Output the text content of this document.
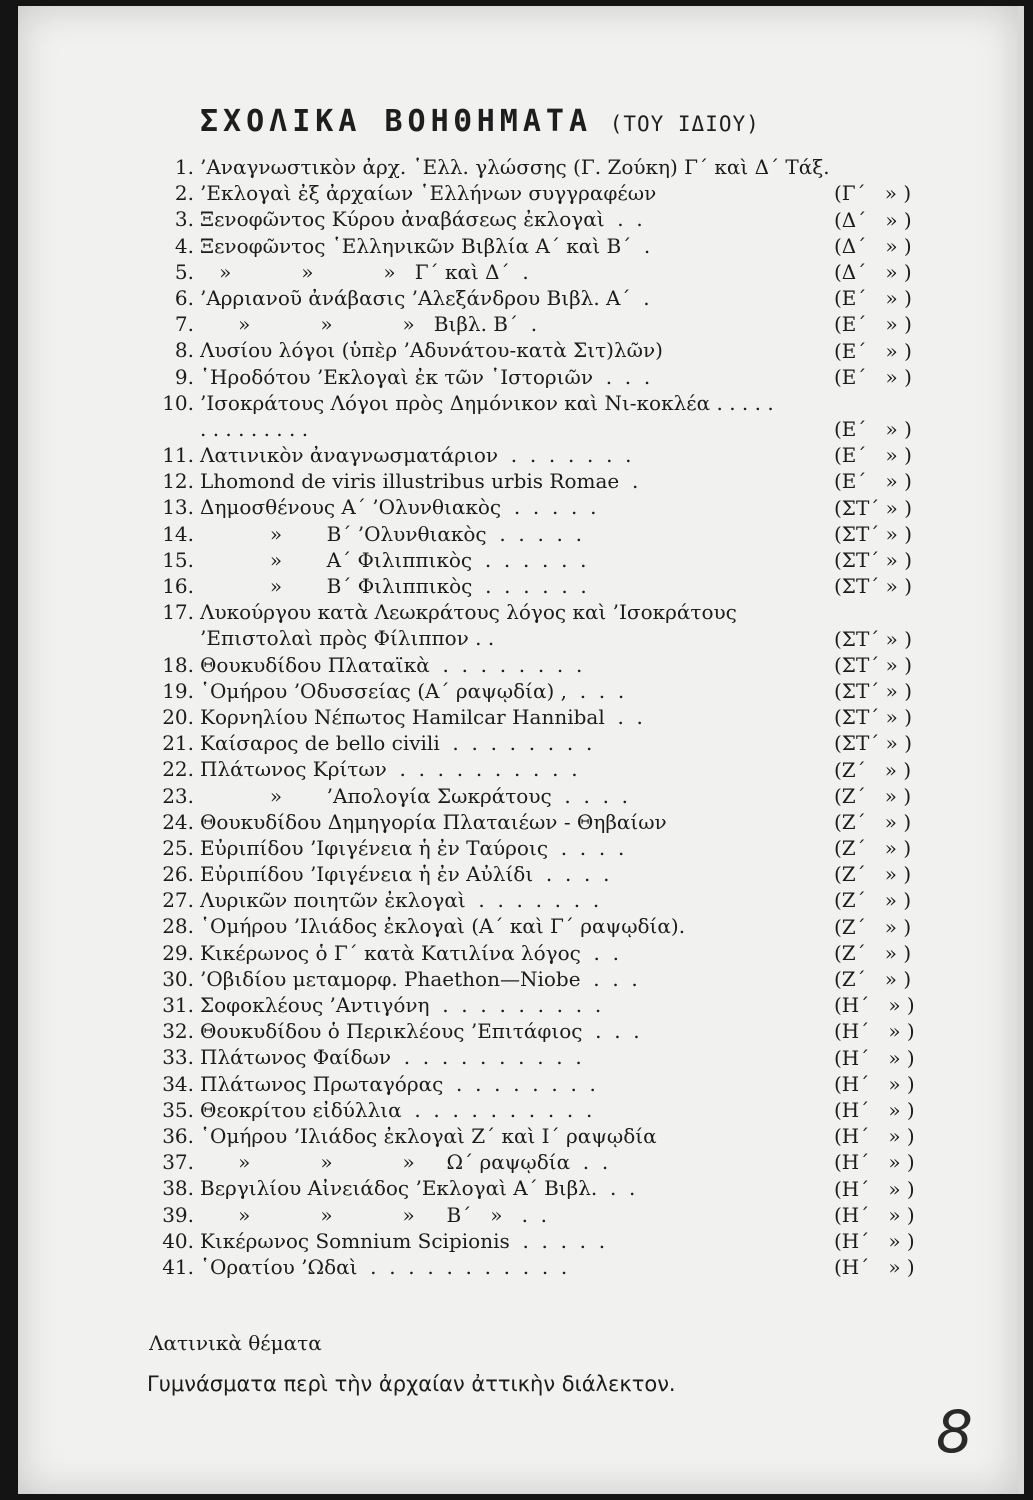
ΣΧΟΛΙΚΑ ΒΟΗΘΗΜΑΤΑ (ΤΟΥ ΙΔΙΟΥ)
1. ’Αναγνωστικὸν ἀρχ. ῾Ελλ. γλώσσης (Γ. Ζούκη) Γ΄ καὶ Δ΄ Τάξ.
2. ’Εκλογαὶ ἐξ ἀρχαίων ῾Ελλήνων συγγραφέων	(Γ΄   » )
3. Ξενοφῶντος Κύρου ἀναβάσεως ἐκλογαὶ  .  .	(Δ΄   » )
4. Ξενοφῶντος ῾Ελληνικῶν Βιβλία Α΄ καὶ Β΄  .	(Δ΄   » )
5. »           »           »   Γ΄ καὶ Δ΄  .	(Δ΄   » )
6. ’Αρριανοῦ ἀνάβασις ’Αλεξάνδρου Βιβλ. Α΄  .	(Ε΄   » )
7. »           »           »   Βιβλ. Β΄  .	(Ε΄   » )
8. Λυσίου λόγοι (ὑπὲρ ’Αδυνάτου-κατὰ Σιτ)λῶν)	(Ε΄   » )
9. ῾Ηροδότου ’Εκλογαὶ ἐκ τῶν ῾Ιστοριῶν  .  .  .	(Ε΄   » )
10. ’Ισοκράτους Λόγοι πρὸς Δημόνικον καὶ Νι-κοκλέα . . . . . . . . . . . . . .	(Ε΄   » )
11. Λατινικὸν ἀναγνωσματάριον  .  .  .  .  .  .  .	(Ε΄   » )
12. Lhomond de viris illustribus urbis Romae  .	(Ε΄   » )
13. Δημοσθένους Α΄ ’Ολυνθιακὸς  .  .  .  .  .	(ΣΤ΄ » )
14. »       Β΄ ’Ολυνθιακὸς  .  .  .  .  .	(ΣΤ΄ » )
15. »       Α΄ Φιλιππικὸς  .  .  .  .  .  .	(ΣΤ΄ » )
16. »       Β΄ Φιλιππικὸς  .  .  .  .  .  .	(ΣΤ΄ » )
17. Λυκούργου κατὰ Λεωκράτους λόγος καὶ ’Ισοκράτους ’Επιστολαὶ πρὸς Φίλιππον . .	(ΣΤ΄ » )
18. Θουκυδίδου Πλαταϊκὰ  .  .  .  .  .  .  .  .	(ΣΤ΄ » )
19. ῾Ομήρου ’Οδυσσείας (Α΄ ραψῳδία) ,  .  .  .	(ΣΤ΄ » )
20. Κορνηλίου Νέπωτος Hamilcar Hannibal  .  .	(ΣΤ΄ » )
21. Καίσαρος de bello civili  .  .  .  .  .  .  .  .	(ΣΤ΄ » )
22. Πλάτωνος Κρίτων  .  .  .  .  .  .  .  .  .  .	(Ζ΄   » )
23. »       ’Απολογία Σωκράτους  .  .  .  .	(Ζ΄   » )
24. Θουκυδίδου Δημηγορία Πλαταιέων - Θηβαίων	(Ζ΄   » )
25. Εὐριπίδου ’Ιφιγένεια ἡ ἐν Ταύροις  .  .  .  .	(Ζ΄   » )
26. Εὐριπίδου ’Ιφιγένεια ἡ ἐν Αὐλίδι  .  .  .  .	(Ζ΄   » )
27. Λυρικῶν ποιητῶν ἐκλογαὶ  .  .  .  .  .  .  .	(Ζ΄   » )
28. ῾Ομήρου ’Ιλιάδος ἐκλογαὶ (Α΄ καὶ Γ΄ ραψῳδία).	(Ζ΄   » )
29. Κικέρωνος ὁ Γ΄ κατὰ Κατιλίνα λόγος  .  .	(Ζ΄   » )
30. ’Οβιδίου μεταμορφ. Phaethon—Niobe  .  .  .	(Ζ΄   » )
31. Σοφοκλέους ’Αντιγόνη  .  .  .  .  .  .  .  .  .	(Η΄   » )
32. Θουκυδίδου ὁ Περικλέους ’Επιτάφιος  .  .  .	(Η΄   » )
33. Πλάτωνος Φαίδων  .  .  .  .  .  .  .  .  .  .	(Η΄   » )
34. Πλάτωνος Πρωταγόρας  .  .  .  .  .  .  .  .	(Η΄   » )
35. Θεοκρίτου εἰδύλλια  .  .  .  .  .  .  .  .  .  .	(Η΄   » )
36. ῾Ομήρου ’Ιλιάδος ἐκλογαὶ Ζ΄ καὶ Ι΄ ραψῳδία	(Η΄   » )
37. »           »           »     Ω΄ ραψῳδία  .  .	(Η΄   » )
38. Βεργιλίου Αἰνειάδος ’Εκλογαὶ Α΄ Βιβλ.  .  .	(Η΄   » )
39. »           »           »     Β΄   »   .  .	(Η΄   » )
40. Κικέρωνος Somnium Scipionis  .  .  .  .  .	(Η΄   » )
41. ῾Ορατίου ’Ωδαὶ  .  .  .  .  .  .  .  .  .  .  .	(Η΄   » )
Λατινικὰ θέματα
Γυμνάσματα περὶ τὴν ἀρχαίαν ἀττικὴν διάλεκτον.
8
